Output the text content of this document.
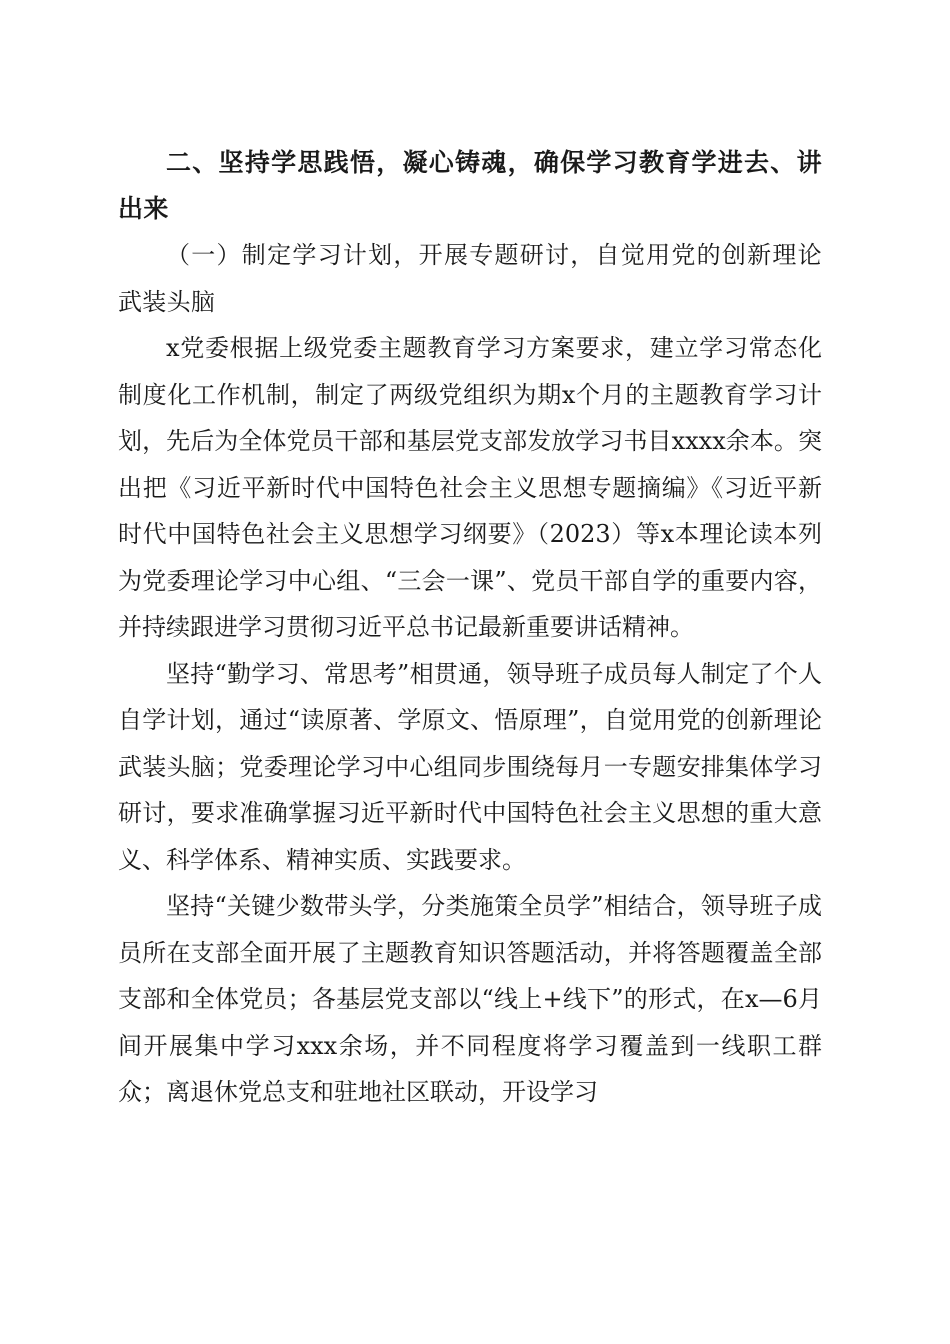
二、坚持学思践悟，凝心铸魂，确保学习教育学进去、讲出来

（一）制定学习计划，开展专题研讨，自觉用党的创新理论武装头脑

x党委根据上级党委主题教育学习方案要求，建立学习常态化制度化工作机制，制定了两级党组织为期x个月的主题教育学习计划，先后为全体党员干部和基层党支部发放学习书目xxxx余本。突出把《习近平新时代中国特色社会主义思想专题摘编》《习近平新时代中国特色社会主义思想学习纲要》（2023）等x本理论读本列为党委理论学习中心组、“三会一课”、党员干部自学的重要内容，并持续跟进学习贯彻习近平总书记最新重要讲话精神。

坚持“勤学习、常思考”相贯通，领导班子成员每人制定了个人自学计划，通过“读原著、学原文、悟原理”，自觉用党的创新理论武装头脑；党委理论学习中心组同步围绕每月一专题安排集体学习研讨，要求准确掌握习近平新时代中国特色社会主义思想的重大意义、科学体系、精神实质、实践要求。

坚持“关键少数带头学，分类施策全员学”相结合，领导班子成员所在支部全面开展了主题教育知识答题活动，并将答题覆盖全部支部和全体党员；各基层党支部以“线上+线下”的形式，在x—6月间开展集中学习xxx余场，并不同程度将学习覆盖到一线职工群众；离退休党总支和驻地社区联动，开设学习
